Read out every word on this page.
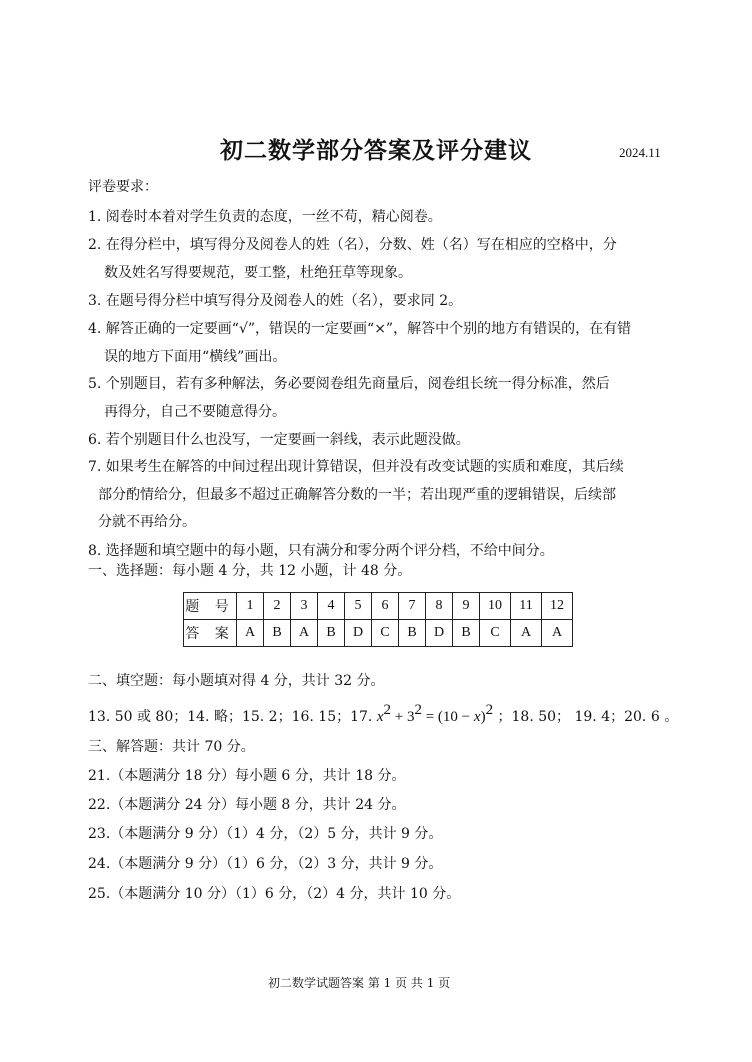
初二数学部分答案及评分建议	2024.11
评卷要求：
1. 阅卷时本着对学生负责的态度，一丝不苟，精心阅卷。
2. 在得分栏中，填写得分及阅卷人的姓（名），分数、姓（名）写在相应的空格中，分
数及姓名写得要规范，要工整，杜绝狂草等现象。
3. 在题号得分栏中填写得分及阅卷人的姓（名），要求同 2。
4. 解答正确的一定要画“√”，错误的一定要画“×”，解答中个别的地方有错误的，在有错
误的地方下面用“横线”画出。
5. 个别题目，若有多种解法，务必要阅卷组先商量后，阅卷组长统一得分标准，然后
再得分，自己不要随意得分。
6. 若个别题目什么也没写，一定要画一斜线，表示此题没做。
7. 如果考生在解答的中间过程出现计算错误，但并没有改变试题的实质和难度，其后续
部分酌情给分，但最多不超过正确解答分数的一半；若出现严重的逻辑错误，后续部
分就不再给分。
8. 选择题和填空题中的每小题，只有满分和零分两个评分档，不给中间分。
一、选择题：每小题 4 分，共 12 小题，计 48 分。
题 号	1	2	3	4	5	6	7	8	9	10	11	12
答 案	A	B	A	B	D	C	B	D	B	C	A	A
二、填空题：每小题填对得 4 分，共计 32 分。
13. 50 或 80；14. 略；15. 2；16. 15；17. $x^2 + 3^2 = (10 - x)^2$ ；18. 50； 19. 4；20. 6 。
三、解答题：共计 70 分。
21.（本题满分 18 分）每小题 6 分，共计 18 分。
22.（本题满分 24 分）每小题 8 分，共计 24 分。
23.（本题满分 9 分）（1）4 分，（2）5 分，共计 9 分。
24.（本题满分 9 分）（1）6 分，（2）3 分，共计 9 分。
25.（本题满分 10 分）（1）6 分，（2）4 分，共计 10 分。
初二数学试题答案 第 1 页 共 1 页
